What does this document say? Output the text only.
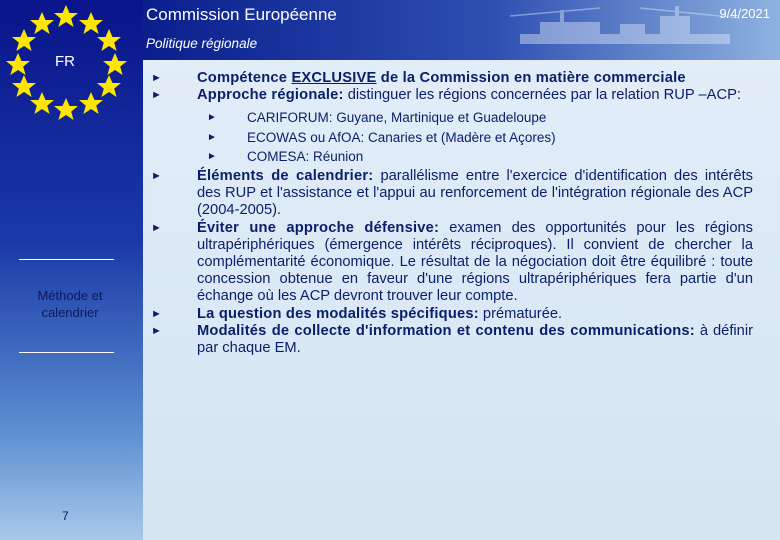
Commission Européenne	9/4/2021
Politique régionale
FR
Méthode et calendrier
7

► Compétence EXCLUSIVE de la Commission en matière commerciale

► Approche régionale: distinguer les régions concernées par la relation RUP –ACP:

► CARIFORUM: Guyane, Martinique et Guadeloupe

► ECOWAS ou AfOA: Canaries et (Madère et Açores)

► COMESA: Réunion

► Éléments de calendrier: parallélisme entre l'exercice d'identification des intérêts des RUP et l'assistance et l'appui au renforcement de l'intégration régionale des ACP (2004-2005).

► Éviter une approche défensive: examen des opportunités pour les régions ultrapériphériques (émergence intérêts réciproques). Il convient de chercher la complémentarité économique. Le résultat de la négociation doit être équilibré : toute concession obtenue en faveur d'une régions ultrapériphériques fera partie d'un échange où les ACP devront trouver leur compte.

► La question des modalités spécifiques: prématurée.

► Modalités de collecte d'information et contenu des communications: à définir par chaque EM.
